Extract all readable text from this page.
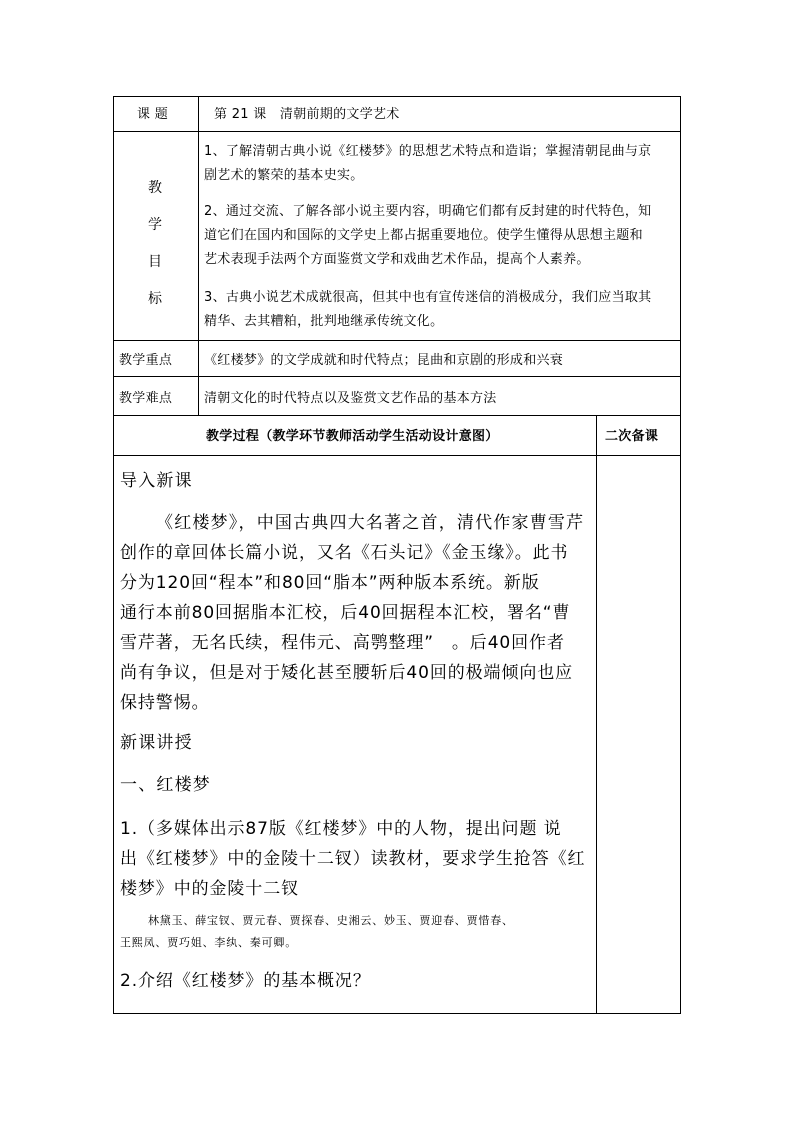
课 题	第 21 课　清朝前期的文学艺术
教
学
目
标
1、了解清朝古典小说《红楼梦》的思想艺术特点和造诣；掌握清朝昆曲与京
剧艺术的繁荣的基本史实。
2、通过交流、了解各部小说主要内容，明确它们都有反封建的时代特色，知
道它们在国内和国际的文学史上都占据重要地位。使学生懂得从思想主题和
艺术表现手法两个方面鉴赏文学和戏曲艺术作品，提高个人素养。
3、古典小说艺术成就很高，但其中也有宣传迷信的消极成分，我们应当取其
精华、去其糟粕，批判地继承传统文化。
教学重点 《红楼梦》的文学成就和时代特点；昆曲和京剧的形成和兴衰
教学难点 清朝文化的时代特点以及鉴赏文艺作品的基本方法
教学过程（教学环节教师活动学生活动设计意图）	二次备课
导入新课
《红楼梦》，中国古典四大名著之首，清代作家曹雪芹
创作的章回体长篇小说，又名《石头记》《金玉缘》。此书
分为120回“程本”和80回“脂本”两种版本系统。新版
通行本前80回据脂本汇校，后40回据程本汇校，署名“曹
雪芹著，无名氏续，程伟元、高鹗整理”　。后40回作者
尚有争议，但是对于矮化甚至腰斩后40回的极端倾向也应
保持警惕。
新课讲授
一、红楼梦
1.（多媒体出示87版《红楼梦》中的人物，提出问题 说
出《红楼梦》中的金陵十二钗）读教材，要求学生抢答《红
楼梦》中的金陵十二钗
林黛玉、薛宝钗、贾元春、贾探春、史湘云、妙玉、贾迎春、贾惜春、
王熙凤、贾巧姐、李纨、秦可卿。
2.介绍《红楼梦》的基本概况？
